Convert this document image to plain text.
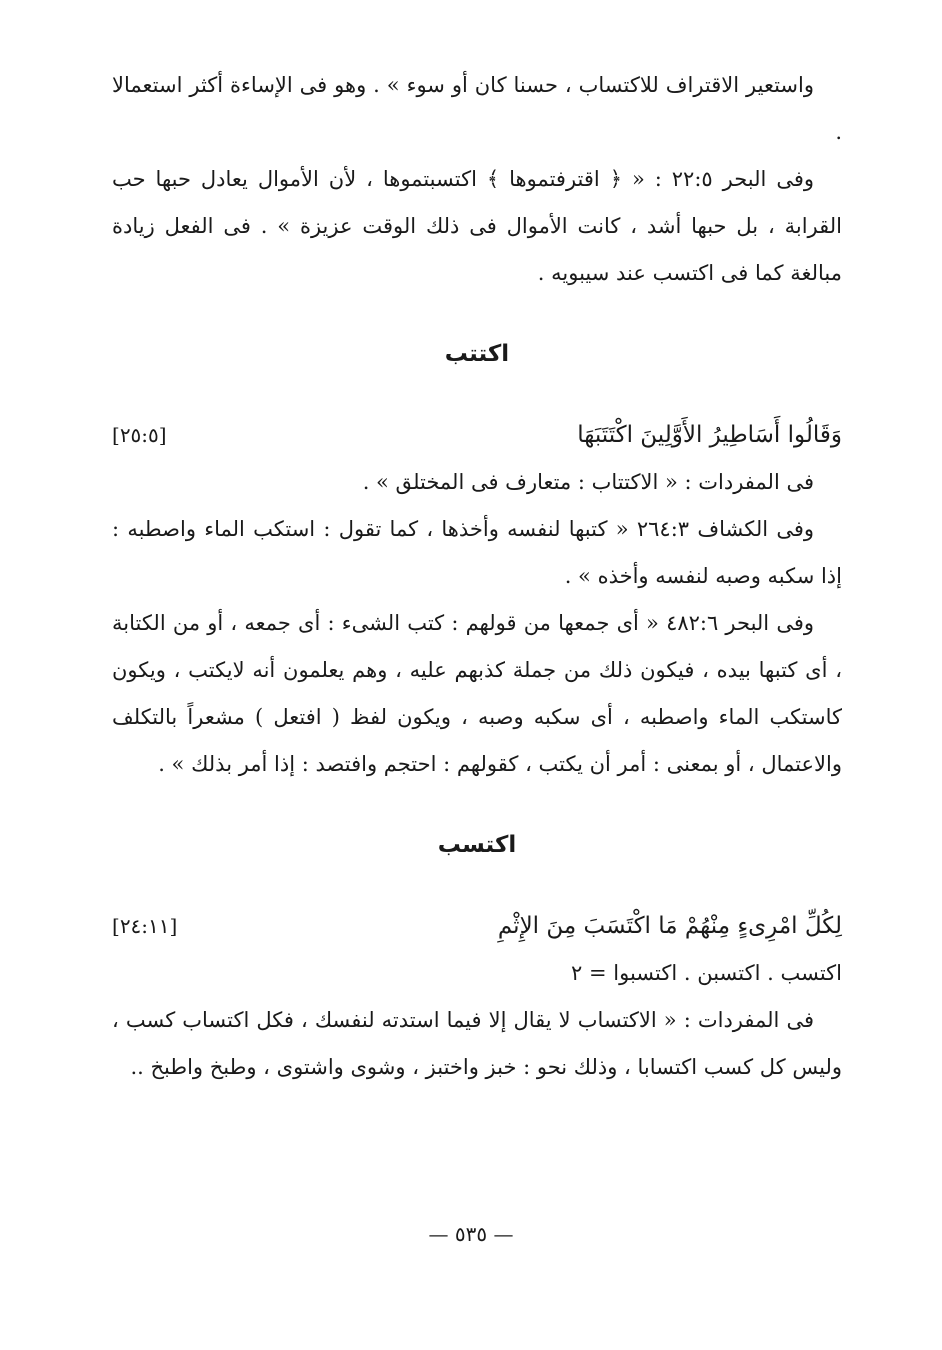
واستعير الاقتراف للاكتساب ، حسنا كان أو سوء » . وهو فى الإساءة أكثر استعمالا .

وفى البحر ٢٢:٥ : « ﴿ اقترفتموها ﴾ اكتسبتموها ، لأن الأموال يعادل حبها حب القرابة ، بل حبها أشد ، كانت الأموال فى ذلك الوقت عزيزة » . فى الفعل زيادة مبالغة كما فى اكتسب عند سيبويه .

اكتتب
وَقَالُوا أَسَاطِيرُ الأَوَّلِينَ اكْتَتَبَهَا
[٢٥:٥]

فى المفردات : « الاكتتاب : متعارف فى المختلق » .

وفى الكشاف ٢٦٤:٣ « كتبها لنفسه وأخذها ، كما تقول : استكب الماء واصطبه : إذا سكبه وصبه لنفسه وأخذه » .

وفى البحر ٤٨٢:٦ « أى جمعها من قولهم : كتب الشىء : أى جمعه ، أو من الكتابة ، أى كتبها بيده ، فيكون ذلك من جملة كذبهم عليه ، وهم يعلمون أنه لايكتب ، ويكون كاستكب الماء واصطبه ، أى سكبه وصبه ، ويكون لفظ ( افتعل ) مشعراً بالتكلف والاعتمال ، أو بمعنى : أمر أن يكتب ، كقولهم : احتجم وافتصد : إذا أمر بذلك » .

اكتسب
لِكُلِّ امْرِىءٍ مِنْهُمْ مَا اكْتَسَبَ مِنَ الإِثْمِ
[٢٤:١١]

اكتسب . اكتسبن . اكتسبوا = ٢

فى المفردات : « الاكتساب لا يقال إلا فيما استدته لنفسك ، فكل اكتساب كسب ، وليس كل كسب اكتسابا ، وذلك نحو : خبز واختبز ، وشوى واشتوى ، وطبخ واطبخ ..

— ٥٣٥ —
